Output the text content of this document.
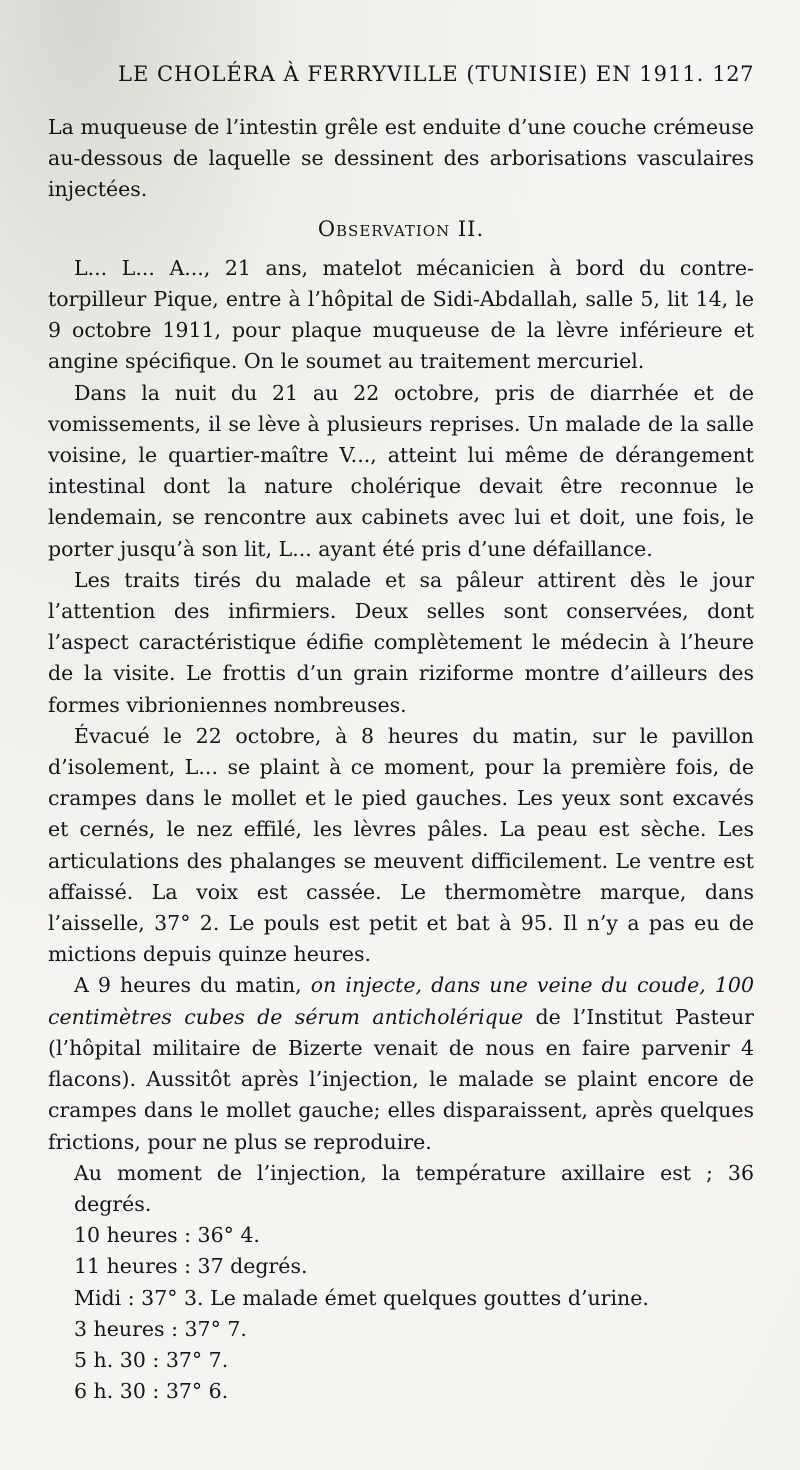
LE CHOLÉRA À FERRYVILLE (TUNISIE) EN 1911. 127

La muqueuse de l’intestin grêle est enduite d’une couche crémeuse au-dessous de laquelle se dessinent des arborisations vasculaires injectées.

Observation II.

L... L... A..., 21 ans, matelot mécanicien à bord du contre-torpilleur Pique, entre à l’hôpital de Sidi-Abdallah, salle 5, lit 14, le 9 octobre 1911, pour plaque muqueuse de la lèvre inférieure et angine spécifique. On le soumet au traitement mercuriel.

Dans la nuit du 21 au 22 octobre, pris de diarrhée et de vomissements, il se lève à plusieurs reprises. Un malade de la salle voisine, le quartier-maître V..., atteint lui même de dérangement intestinal dont la nature cholérique devait être reconnue le lendemain, se rencontre aux cabinets avec lui et doit, une fois, le porter jusqu’à son lit, L... ayant été pris d’une défaillance.

Les traits tirés du malade et sa pâleur attirent dès le jour l’attention des infirmiers. Deux selles sont conservées, dont l’aspect caractéristique édifie complètement le médecin à l’heure de la visite. Le frottis d’un grain riziforme montre d’ailleurs des formes vibrioniennes nombreuses.

Évacué le 22 octobre, à 8 heures du matin, sur le pavillon d’isolement, L... se plaint à ce moment, pour la première fois, de crampes dans le mollet et le pied gauches. Les yeux sont excavés et cernés, le nez effilé, les lèvres pâles. La peau est sèche. Les articulations des phalanges se meuvent difficilement. Le ventre est affaissé. La voix est cassée. Le thermomètre marque, dans l’aisselle, 37° 2. Le pouls est petit et bat à 95. Il n’y a pas eu de mictions depuis quinze heures.

A 9 heures du matin, on injecte, dans une veine du coude, 100 centimètres cubes de sérum anticholérique de l’Institut Pasteur (l’hôpital militaire de Bizerte venait de nous en faire parvenir 4 flacons). Aussitôt après l’injection, le malade se plaint encore de crampes dans le mollet gauche; elles disparaissent, après quelques frictions, pour ne plus se reproduire.

Au moment de l’injection, la température axillaire est ; 36 degrés.

10 heures : 36° 4.

11 heures : 37 degrés.

Midi : 37° 3. Le malade émet quelques gouttes d’urine.

3 heures : 37° 7.

5 h. 30 : 37° 7.

6 h. 30 : 37° 6.
